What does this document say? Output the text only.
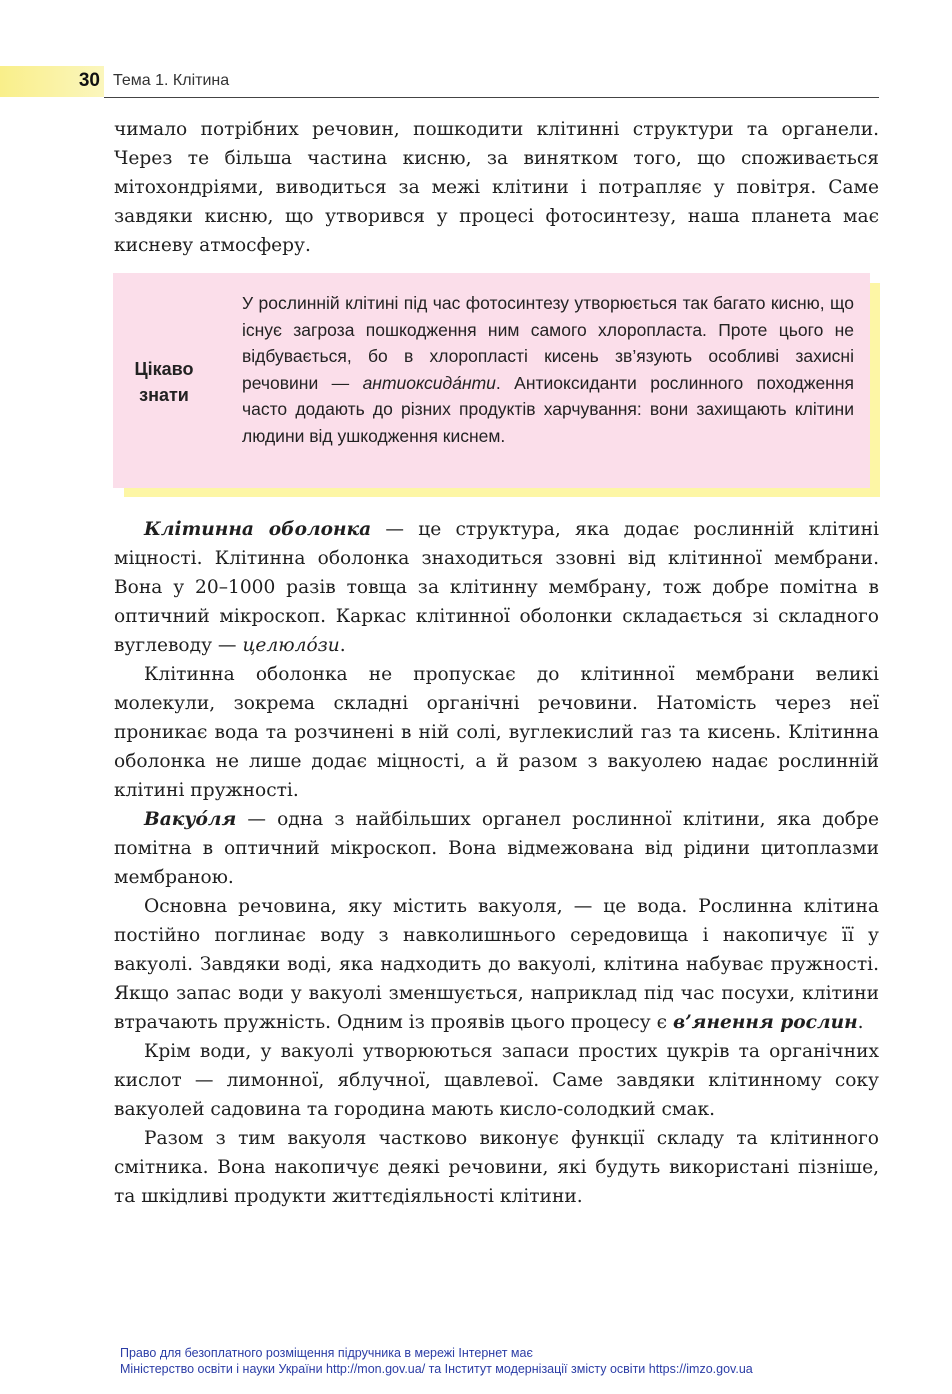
30 Тема 1. Клітина

чимало потрібних речовин, пошкодити клітинні структури та органели. Через те більша частина кисню, за винятком того, що споживається мітохондріями, виводиться за межі клітини і потрапляє у повітря. Саме завдяки кисню, що утворився у процесі фотосинтезу, наша планета має кисневу атмосферу.

Цікаво
знати
У рослинній клітині під час фотосинтезу утворюється так багато кисню, що існує загроза пошкодження ним самого хлоропласта. Проте цього не відбувається, бо в хлоропласті кисень зв’язують особливі захисні речовини — антиоксида́нти. Антиоксиданти рослинного походження часто додають до різних продуктів харчування: вони захищають клітини людини від ушкодження киснем.

Клітинна оболонка — це структура, яка додає рослинній клітині міцності. Клітинна оболонка знаходиться ззовні від клітинної мембрани. Вона у 20–1000 разів товща за клітинну мембрану, тож добре помітна в оптичний мікроскоп. Каркас клітинної оболонки складається зі складного вуглеводу — целюло́зи.

Клітинна оболонка не пропускає до клітинної мембрани великі молекули, зокрема складні органічні речовини. Натомість через неї проникає вода та розчинені в ній солі, вуглекислий газ та кисень. Клітинна оболонка не лише додає міцності, а й разом з вакуолею надає рослинній клітині пружності.

Вакуо́ля — одна з найбільших органел рослинної клітини, яка добре помітна в оптичний мікроскоп. Вона відмежована від рідини цитоплазми мембраною.

Основна речовина, яку містить вакуоля, — це вода. Рослинна клітина постійно поглинає воду з навколишнього середовища і накопичує її у вакуолі. Завдяки воді, яка надходить до вакуолі, клітина набуває пружності. Якщо запас води у вакуолі зменшується, наприклад під час посухи, клітини втрачають пружність. Одним із проявів цього процесу є в’янення рослин.

Крім води, у вакуолі утворюються запаси простих цукрів та органічних кислот — лимонної, яблучної, щавлевої. Саме завдяки клітинному соку вакуолей садовина та городина мають кисло-солодкий смак.

Разом з тим вакуоля частково виконує функції складу та клітинного смітника. Вона накопичує деякі речовини, які будуть використані пізніше, та шкідливі продукти життєдіяльності клітини.

Право для безоплатного розміщення підручника в мережі Інтернет має
Міністерство освіти і науки України http://mon.gov.ua/ та Інститут модернізації змісту освіти https://imzo.gov.ua
